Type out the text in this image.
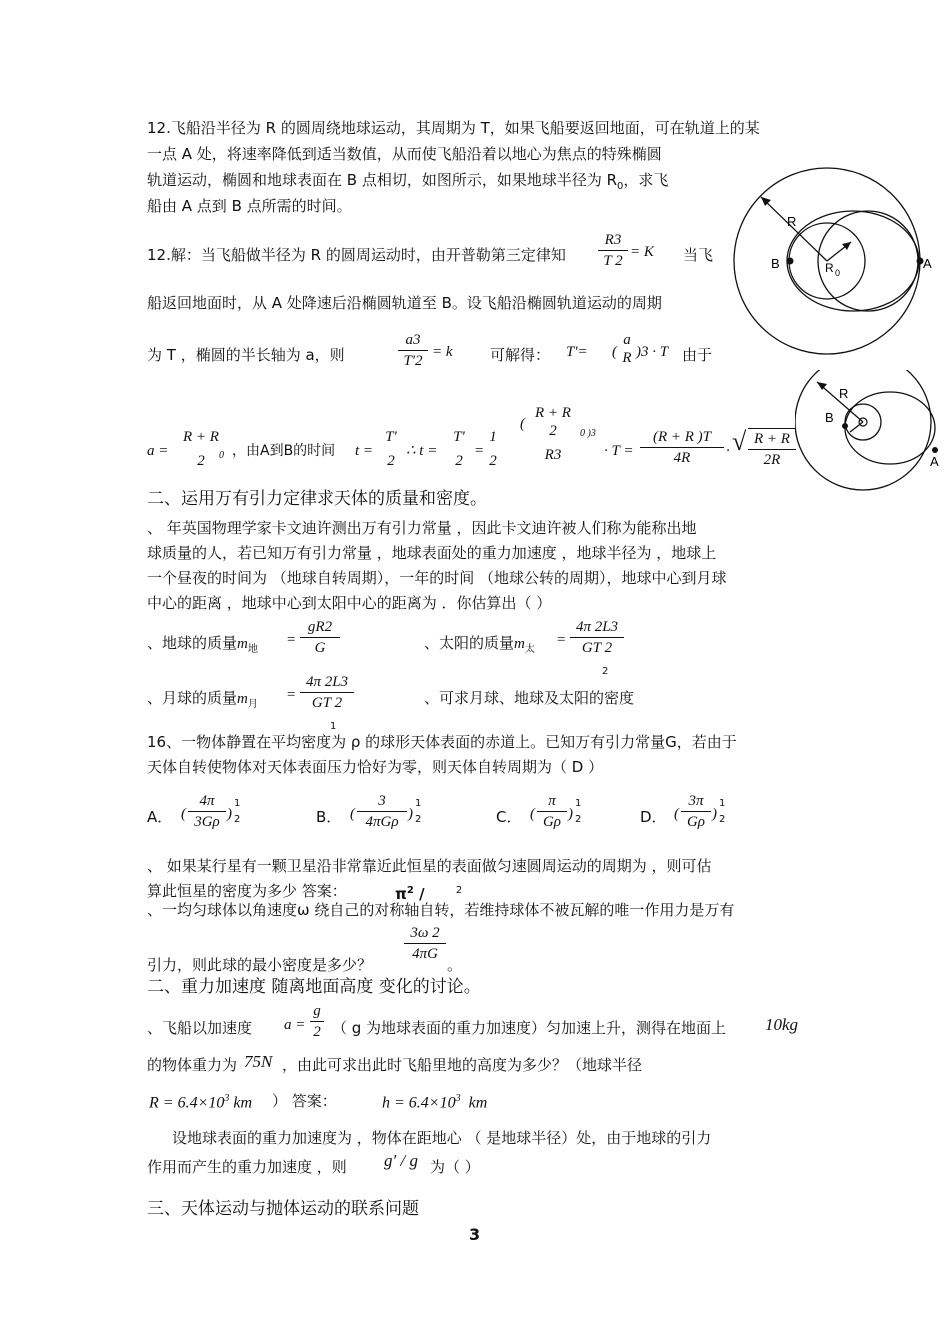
12.飞船沿半径为 R 的圆周绕地球运动，其周期为 T，如果飞船要返回地面，可在轨道上的某
一点 A 处，将速率降低到适当数值，从而使飞船沿着以地心为焦点的特殊椭圆
轨道运动，椭圆和地球表面在 B 点相切，如图所示，如果地球半径为 $R_0$，求飞
船由 A 点到 B 点所需的时间。
R
R 0
B	A
12.解：当飞船做半径为 R 的圆周运动时，由开普勒第三定律知
R3
T 2
= K 当飞
船返回地面时，从 A 处降速后沿椭圆轨道至 B。设飞船沿椭圆轨道运动的周期
为 T ，椭圆的半长轴为 a，则
a3
T'2
= k 可解得： T'= (
a
R )3 · T 由于
R
B
A
a =
R + R
2	0 ，由A到B的时间 t =
T'
2
∴ t =
T'
2
=
1
2
(
R + R
2
R3
0 )3
· T =
(R + R )T
4R	· √ R + R
2R
二、运用万有引力定律求天体的质量和密度。
、 年英国物理学家卡文迪许测出万有引力常量 ，因此卡文迪许被人们称为能称出地
球质量的人，若已知万有引力常量 ，地球表面处的重力加速度 ，地球半径为 ，地球上
一个昼夜的时间为 （地球自转周期），一年的时间 （地球公转的周期），地球中心到月球
中心的距离 ，地球中心到太阳中心的距离为 ．你估算出（ ）
、地球的质量$m_地$
=
gR2
G	、太阳的质量$m_太$
=
4π 2L3
GT 2
2
、月球的质量$m_月$
=
4π 2L3
GT 2
1
、可求月球、地球及太阳的密度
16、一物体静置在平均密度为 ρ 的球形天体表面的赤道上。已知万有引力常量G，若由于
天体自转使物体对天体表面压力恰好为零，则天体自转周期为（ D ）
A． (
4π
3Gρ )
1
2	B． (
3
4πGρ )
1
2	C． (
π
Gρ )
1
2	D． (
3π
Gρ )
1
2
、 如果某行星有一颗卫星沿非常靠近此恒星的表面做匀速圆周运动的周期为 ，则可估
算此恒星的密度为多少 答案：	$\pi^2$ /	$^2$
、一均匀球体以角速度ω 绕自己的对称轴自转，若维持球体不被瓦解的唯一作用力是万有
引力，则此球的最小密度是多少？
3ω 2
4πG
。
二、重力加速度 随离地面高度 变化的讨论。
、飞船以加速度 a =
g
2 （ g 为地球表面的重力加速度）匀加速上升，测得在地面上 10kg
的物体重力为 75N ，由此可求出此时飞船里地的高度为多少？（地球半径
$R = 6.4\times 10^3$ km ） 答案：	$h = 6.4\times 10^3$ km
设地球表面的重力加速度为 ，物体在距地心 （ 是地球半径）处，由于地球的引力
作用而产生的重力加速度 ，则 g′ / g 为（ ）
三、天体运动与抛体运动的联系问题
3
